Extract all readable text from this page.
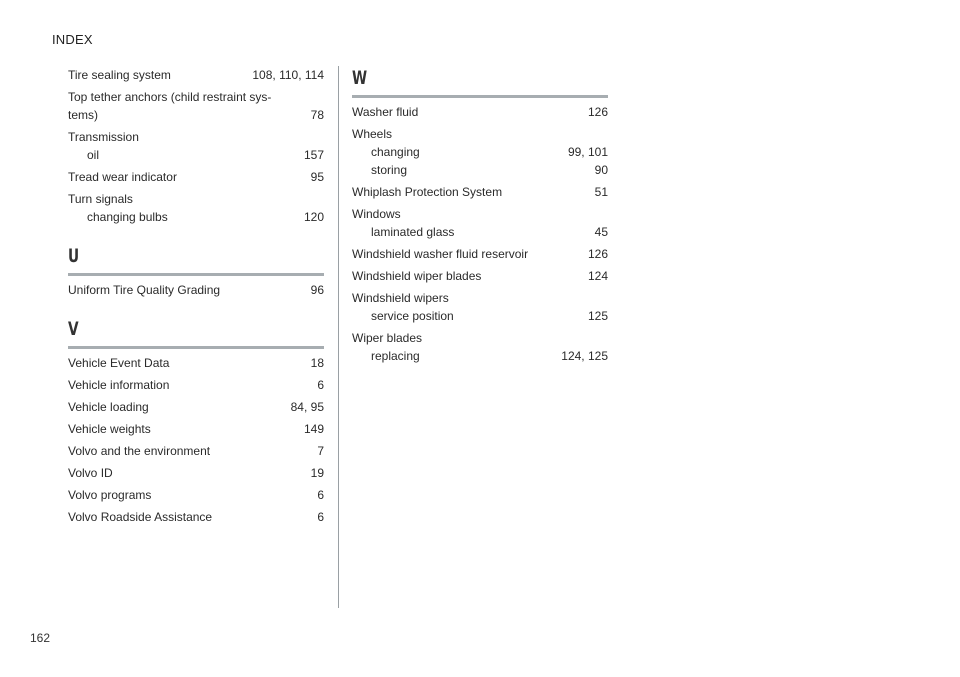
INDEX
Tire sealing system	108, 110, 114
Top tether anchors (child restraint sys-tems)	78
Transmission
oil	157
Tread wear indicator	95
Turn signals
changing bulbs	120
U
Uniform Tire Quality Grading	96
V
Vehicle Event Data	18
Vehicle information	6
Vehicle loading	84, 95
Vehicle weights	149
Volvo and the environment	7
Volvo ID	19
Volvo programs	6
Volvo Roadside Assistance	6
W
Washer fluid	126
Wheels
changing	99, 101
storing	90
Whiplash Protection System	51
Windows
laminated glass	45
Windshield washer fluid reservoir	126
Windshield wiper blades	124
Windshield wipers
service position	125
Wiper blades
replacing	124, 125
162
